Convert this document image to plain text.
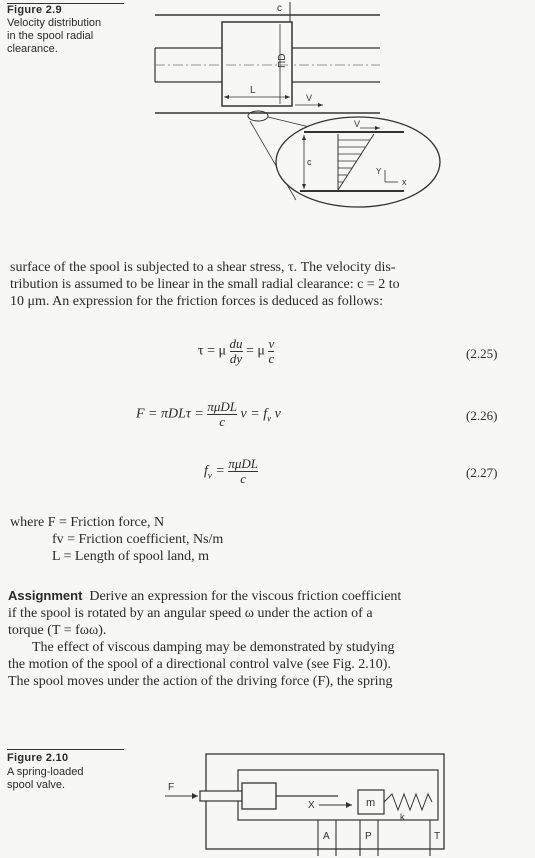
Figure 2.9
Velocity distribution
in the spool radial
clearance.
c
ΠD
L
V
c
V
Y
x
surface of the spool is subjected to a shear stress, τ. The velocity dis-
tribution is assumed to be linear in the small radial clearance: c = 2 to
10 μm. An expression for the friction forces is deduced as follows:
τ = μ $\frac{du}{dy} = \mu \frac{v}{c}$	(2.25)
F = πDLτ =
πμDL
c $v = f_v$ v	(2.26)
$f_v$ =
πμDL
c	(2.27)
where F = Friction force, N
fv = Friction coefficient, Ns/m
L = Length of spool land, m
Assignment Derive an expression for the viscous friction coefficient
if the spool is rotated by an angular speed ω under the action of a
torque (T = fωω).
The effect of viscous damping may be demonstrated by studying
the motion of the spool of a directional control valve (see Fig. 2.10).
The spool moves under the action of the driving force (F), the spring
Figure 2.10
A spring-loaded
spool valve.	F
X	m
k
A	P	T
